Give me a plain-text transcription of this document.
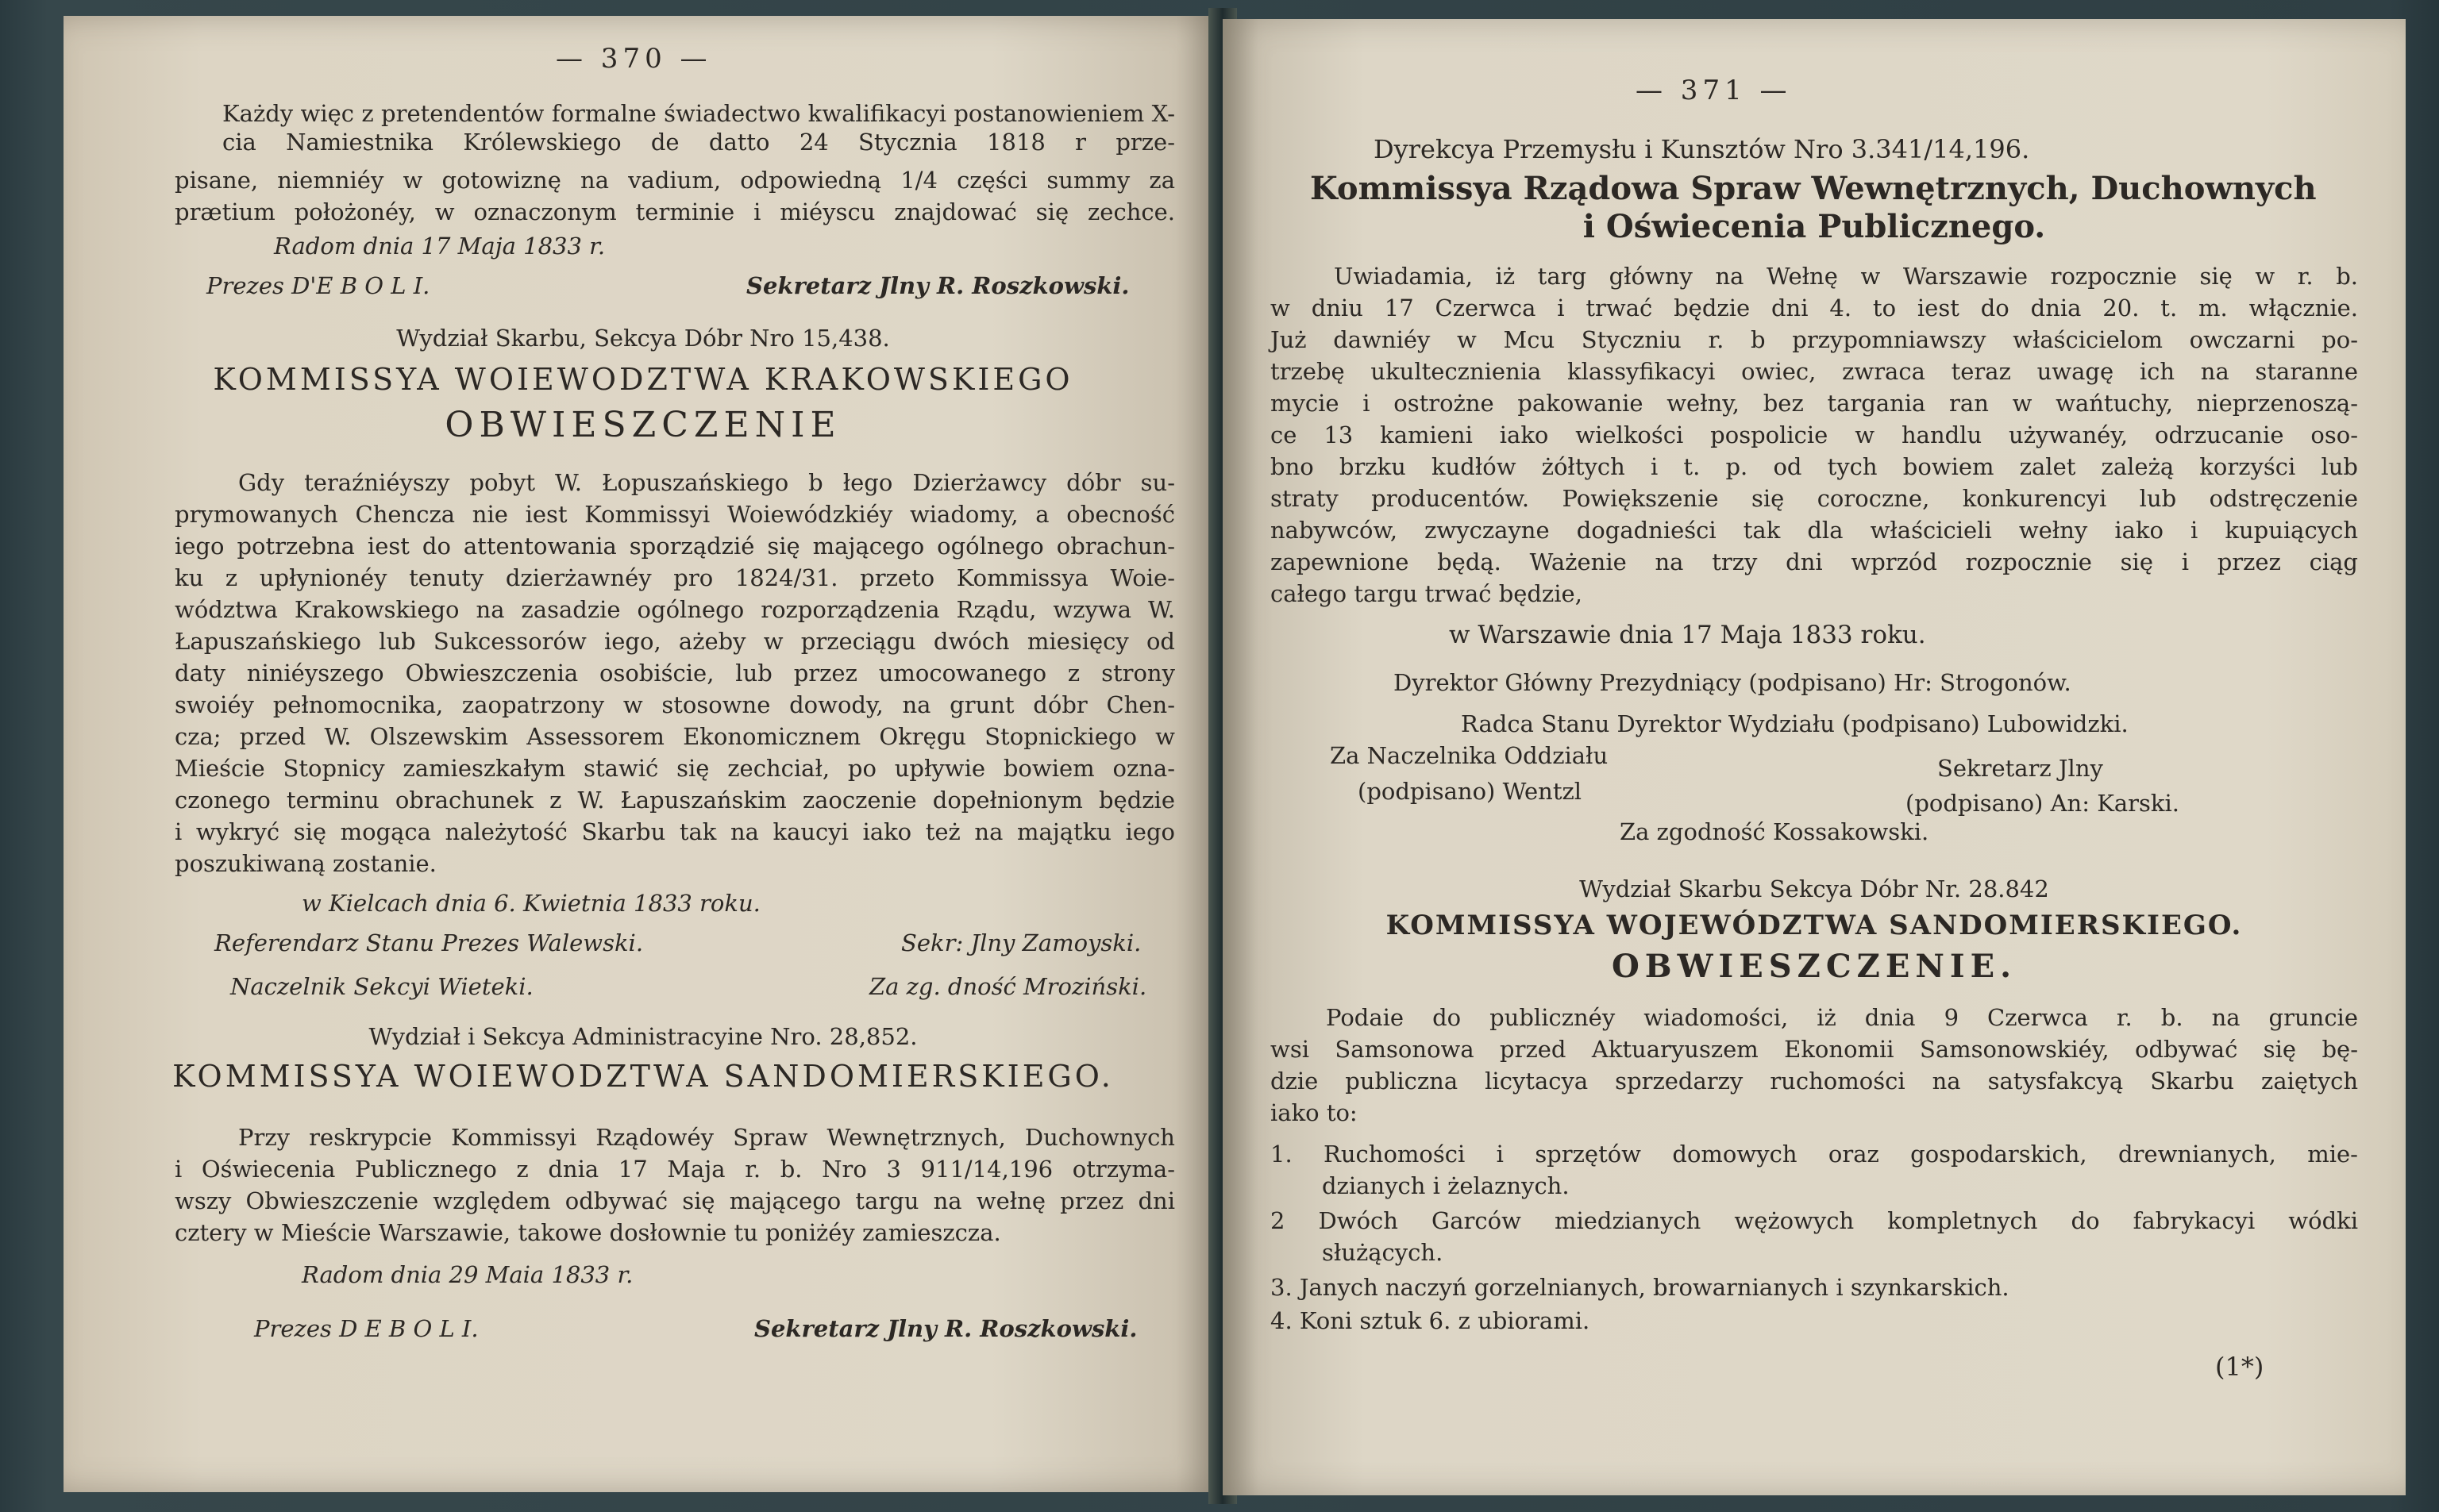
— 370 —
Każdy więc z pretendentów formalne świadectwo kwalifikacyi postanowieniem X-cia Namiestnika Królewskiego de datto 24 Stycznia 1818 r prze-
pisane, niemniéy w gotowiznę na vadium, odpowiedną 1/4 części summy za
prætium położonéy, w oznaczonym terminie i miéyscu znajdować się zechce.
Radom dnia 17 Maja 1833 r.
Prezes D'E B O L I.	Sekretarz Jlny R. Roszkowski.
Wydział Skarbu, Sekcya Dóbr Nro 15,438.
KOMMISSYA WOIEWODZTWA KRAKOWSKIEGO
OBWIESZCZENIE
Gdy teraźniéyszy pobyt W. Łopuszańskiego b łego Dzierżawcy dóbr su-
prymowanych Chencza nie iest Kommissyi Woiewódzkiéy wiadomy, a obecność
iego potrzebna iest do attentowania sporządzié się mającego ogólnego obrachun-
ku z upłynionéy tenuty dzierżawnéy pro 1824/31. przeto Kommissya Woie-
wództwa Krakowskiego na zasadzie ogólnego rozporządzenia Rządu, wzywa W.
Łapuszańskiego lub Sukcessorów iego, ażeby w przeciągu dwóch miesięcy od
daty niniéyszego Obwieszczenia osobiście, lub przez umocowanego z strony
swoiéy pełnomocnika, zaopatrzony w stosowne dowody, na grunt dóbr Chen-
cza; przed W. Olszewskim Assessorem Ekonomicznem Okręgu Stopnickiego w
Mieście Stopnicy zamieszkałym stawić się zechciał, po upływie bowiem ozna-
czonego terminu obrachunek z W. Łapuszańskim zaoczenie dopełnionym będzie
i wykryć się mogąca należytość Skarbu tak na kaucyi iako też na majątku iego
poszukiwaną zostanie.
w Kielcach dnia 6. Kwietnia 1833 roku.
Referendarz Stanu Prezes Walewski.	Sekr: Jlny Zamoyski.
Naczelnik Sekcyi Wieteki.	Za zg. dność Mroziński.
Wydział i Sekcya Administracyine Nro. 28,852.
KOMMISSYA WOIEWODZTWA SANDOMIERSKIEGO.
Przy reskrypcie Kommissyi Rządowéy Spraw Wewnętrznych, Duchownych
i Oświecenia Publicznego z dnia 17 Maja r. b. Nro 3 911/14,196 otrzyma-
wszy Obwieszczenie względem odbywać się mającego targu na wełnę przez dni
cztery w Mieście Warszawie, takowe dosłownie tu poniżéy zamieszcza.
Radom dnia 29 Maia 1833 r.
Prezes D E B O L I.	Sekretarz Jlny R. Roszkowski.
— 371 —
Dyrekcya Przemysłu i Kunsztów Nro 3.341/14,196.
Kommissya Rządowa Spraw Wewnętrznych, Duchownych
i Oświecenia Publicznego.
Uwiadamia, iż targ główny na Wełnę w Warszawie rozpocznie się w r. b.
w dniu 17 Czerwca i trwać będzie dni 4. to iest do dnia 20. t. m. włącznie.
Już dawniéy w Mcu Styczniu r. b przypomniawszy właścicielom owczarni po-
trzebę ukultecznienia klassyfikacyi owiec, zwraca teraz uwagę ich na staranne
mycie i ostrożne pakowanie wełny, bez targania ran w wańtuchy, nieprzenoszą-
ce 13 kamieni iako wielkości pospolicie w handlu używanéy, odrzucanie oso-
bno brzku kudłów żółtych i t. p. od tych bowiem zalet zależą korzyści lub
straty producentów. Powiększenie się coroczne, konkurencyi lub odstręczenie
nabywców, zwyczayne dogadnieści tak dla właścicieli wełny iako i kupuiących
zapewnione będą. Ważenie na trzy dni wprzód rozpocznie się i przez ciąg
całego targu trwać będzie,
w Warszawie dnia 17 Maja 1833 roku.
Dyrektor Główny Prezydniący (podpisano) Hr: Strogonów.
Radca Stanu Dyrektor Wydziału (podpisano) Lubowidzki.
Za Naczelnika Oddziału
(podpisano) Wentzl
Sekretarz Jlny
(podpisano) An: Karski.
Za zgodność Kossakowski.
Wydział Skarbu Sekcya Dóbr Nr. 28.842
KOMMISSYA WOJEWÓDZTWA SANDOMIERSKIEGO.
OBWIESZCZENIE.
Podaie do publicznéy wiadomości, iż dnia 9 Czerwca r. b. na gruncie
wsi Samsonowa przed Aktuaryuszem Ekonomii Samsonowskiéy, odbywać się bę-
dzie publiczna licytacya sprzedarzy ruchomości na satysfakcyą Skarbu zaiętych
iako to:
1. Ruchomości i sprzętów domowych oraz gospodarskich, drewnianych, mie-
dzianych i żelaznych.
2 Dwóch Garców miedzianych wężowych kompletnych do fabrykacyi wódki
służących.
3. Janych naczyń gorzelnianych, browarnianych i szynkarskich.
4. Koni sztuk 6. z ubiorami.
(1*)
